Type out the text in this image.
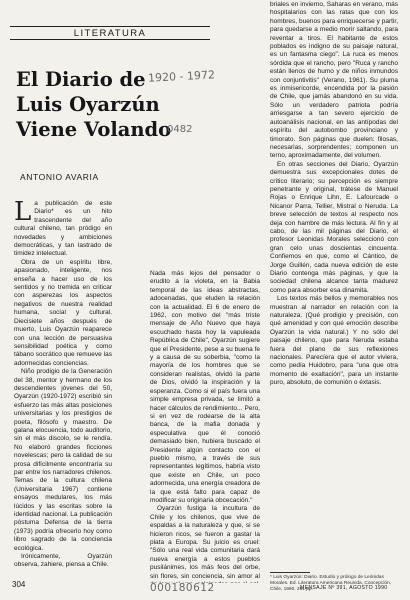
LITERATURA
El Diario de Luis Oyarzún Viene Volando
1920 - 1972
0482
ANTONIO AVARIA

La publicación de este Diario* es un hito trascendente del año cultural chileno, tan pródigo en novedades y ambiciones democráticas, y tan lastrado de timidez intelectual.

Obra de un espíritu libre, apasionado, inteligente, nos enseña a hacer uso de los sentidos y no tremida en criticar con asperezas los aspectos negativos de nuestra realidad humana, social y cultural. Diecisiete años después de muerto, Luis Oyarzún reaparece con una lección de persuasiva sensibilidad poética y como tábano socrático que remueve las adormecidas conciencias.

Niño prodigio de la Generación del 38, mentor y hermano de los descendientes jóvenes del 50, Oyarzún (1920-1972) escribió sin esfuerzo las más altas posiciones universitarias y los prestigios de poeta, filósofo y maestro. De galana elocuencia, todo auditorio, sin el más discolo, se le rendía. No elaboró grandes ficciones novelescas; pero la calidad de su prosa difícilmente encontraría su par entre los narradores chilenos. Temas de la cultura chilena (Universitaria 1967) contiene ensayos medulares, los más lúcidos y las escritas sobre la identidad nacional. La publicación póstuma Defensa de la tierra (1973) podría ofrecerlo hoy como libro sagrado de la conciencia ecológica.

Irónicamente, Oyarzún observa, zahiere, piensa a Chile.

Nada más lejos del pensador o erudito a la violeta, en la Babia temporal de las ideas abstractas, adocenadas, que eluden la relación con la actualidad. El 6 de enero de 1962, con motivo del "más triste mensaje de Año Nuevo que haya escuchado hasta hoy la vapuleada República de Chile", Oyarzún sugiere que el Presidente, pese a su buena fe y a causa de su soberbia, "como la mayoría de los hombres que se consideran realistas, olvidó la parte de Dios, olvidó la inspiración y la esperanza. Como si el país fuera una simple empresa privada, se limitó a hacer cálculos de rendimiento... Pero, si en vez de rodearse de la alta banca, de la mafia donada y especulativa que él conoció demasiado bien, hubiera buscado el Presidente algún contacto con el pueblo mismo, a través de sus representantes legítimos, habría visto que existe en Chile, un poco adormecida, una energía creadora de la que está falto para capaz de modificar su originaria obcecación."

Oyarzún fustiga la incultura de Chile y los chilenos, que vive de espaldas a la naturaleza y que, si se hicieron ricos, se fueron a gastar la plata a Europa. Su juicio es cruel: "Sólo una real vida comunitaria dará nueva energía a estos pueblos pusilánimes, los más feos del orbe, sin flores, sin conciencia, sin amor al

briales en invierno, Saharas en verano, más hospitalarios con las ratas que con los hombres, buenos para enriquecerse y partir, para quedarse a medio morir saltando, para reventar a tiros. El habitante de estos poblados es indigno de su paisaje natural, es un fantasma ciego". La ruca es menos sórdida que el rancho, pero "Ruca y rancho están llenos de humo y de niños inmundos con conjuntivitis" (Verano, 1961). Su pluma es inmisericorde, encendida por la pasión de Chile, que jamás abandonó en su vida. Sólo un verdadero patriota podría arriesgarse a tan severo ejercicio de autoanálisis nacional, en las antípodas del espíritu del autobombo provinciano y timorato. Son páginas que duelen: filosas, necesarias, sorprendentes; componen un terno, aproximadamente, del volumen.

En otras secciones del Diario, Oyarzún demuestra sus excepcionales dotes de crítico literario; su percepción es siempre penetrante y original, trátese de Manuel Rojas o Enrique Lihn, E. Lafourcade o Nicanor Parra, Tellier, Mistral o Neruda. La breve selección de textos al respecto nos deja con hambre de más lectura. Al fin y al cabo, de las mil páginas del Diario, el profesor Leonidas Morales seleccionó con gran celo unas doscientas cincuenta. Confiemos en que, como el Cántico, de Jorge Guillén, cada nueva edición de este Diario contenga más páginas, y que la sociedad chilena alcance tanta madurez como para absorber esa dinamita.

Los textos más bellos y memorables nos muestran al narrador en relación con la naturaleza. (Qué prodigio y precisión, con qué amenidad y con qué emoción describe Oyarzún la vida natural.) Y no sólo del paisaje chileno, que para Neruda estaba fuera del plano de sus reflexiones nacionales. Parecíera que el autor viviera, como pedía Huidobro, para "una que otra momento de exaltación", para un instante puro, absoluto, de comunión o éxtasis.

* Luis Oyarzún: Diario. Estudio y prólogo de Leónidas Morales. Ed. Literatura Americana Reunida, Concepción, Chile, 1990. 291 pp.
304	000180612	MENSAJE Nº 391, AGOSTO 1990
